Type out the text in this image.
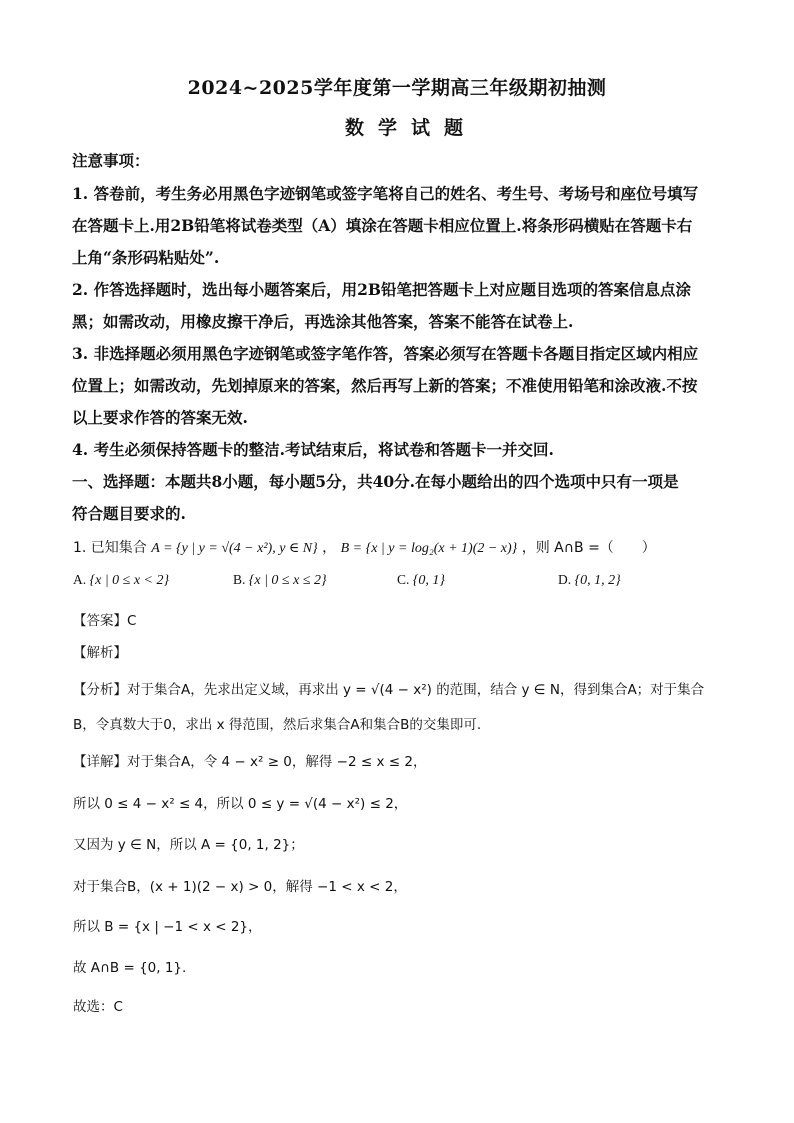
2024~2025学年度第一学期高三年级期初抽测
数学试题
注意事项：
1. 答卷前，考生务必用黑色字迹钢笔或签字笔将自己的姓名、考生号、考场号和座位号填写
在答题卡上.用2B铅笔将试卷类型（A）填涂在答题卡相应位置上.将条形码横贴在答题卡右
上角“条形码粘贴处”.
2. 作答选择题时，选出每小题答案后，用2B铅笔把答题卡上对应题目选项的答案信息点涂
黑；如需改动，用橡皮擦干净后，再选涂其他答案，答案不能答在试卷上.
3. 非选择题必须用黑色字迹钢笔或签字笔作答，答案必须写在答题卡各题目指定区域内相应
位置上；如需改动，先划掉原来的答案，然后再写上新的答案；不准使用铅笔和涂改液.不按
以上要求作答的答案无效.
4. 考生必须保持答题卡的整洁.考试结束后，将试卷和答题卡一并交回.
一、选择题：本题共8小题，每小题5分，共40分.在每小题给出的四个选项中只有一项是
符合题目要求的.
1. 已知集合 A = {y | y = √(4 − x²), y ∈ N} ， B = {x | y = log₂(x + 1)(2 − x)} ，则 A∩B =（　　）
A. {x | 0 ≤ x < 2}	B. {x | 0 ≤ x ≤ 2}	C. {0, 1}	D. {0, 1, 2}
【答案】C
【解析】
【分析】对于集合A，先求出定义域，再求出 y = √(4 − x²) 的范围，结合 y ∈ N，得到集合A；对于集合
B，令真数大于0，求出 x 得范围，然后求集合A和集合B的交集即可.
【详解】对于集合A，令 4 − x² ≥ 0，解得 −2 ≤ x ≤ 2，
所以 0 ≤ 4 − x² ≤ 4，所以 0 ≤ y = √(4 − x²) ≤ 2，
又因为 y ∈ N，所以 A = {0, 1, 2}；
对于集合B，(x + 1)(2 − x) > 0，解得 −1 < x < 2，
所以 B = {x | −1 < x < 2}，
故 A∩B = {0, 1}.
故选：C
